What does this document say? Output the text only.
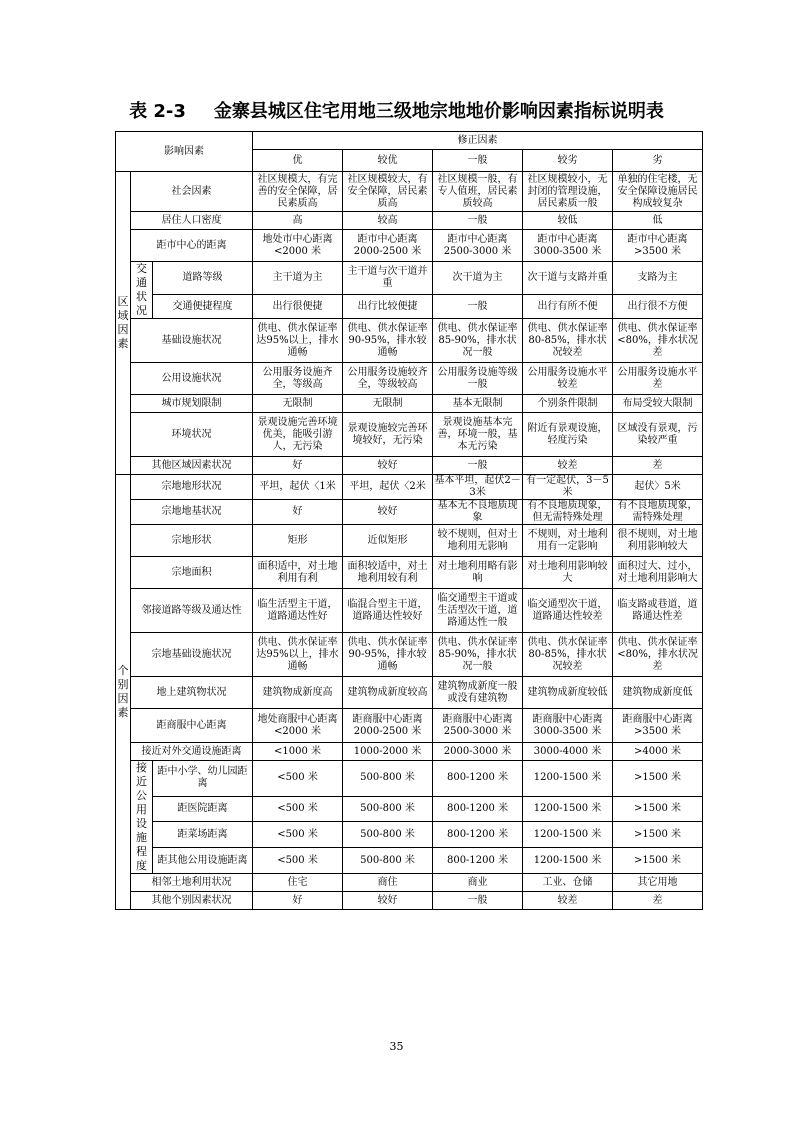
表 2-3 金寨县城区住宅用地三级地宗地地价影响因素指标说明表
影响因素			修正因素				
			优	较优	一般	较劣	劣
区域因素	社会因素		社区规模大，有完善的安全保障，居民素质高	社区规模较大，有安全保障，居民素质高	社区规模一般，有专人值班，居民素质较高	社区规模较小，无封闭的管理设施，居民素质一般	单独的住宅楼，无安全保障设施居民构成较复杂
	居住人口密度		高	较高	一般	较低	低
	距市中心的距离		地处市中心距离<2000 米	距市中心距离2000-2500 米	距市中心距离2500-3000 米	距市中心距离3000-3500 米	距市中心距离>3500 米
	交通状况	道路等级	主干道为主	主干道与次干道并重	次干道为主	次干道与支路并重	支路为主
		交通便捷程度	出行很便捷	出行比较便捷	一般	出行有所不便	出行很不方便
	基础设施状况		供电、供水保证率达95%以上，排水通畅	供电、供水保证率90-95%，排水较通畅	供电、供水保证率85-90%，排水状况一般	供电、供水保证率80-85%，排水状况较差	供电、供水保证率<80%，排水状况差
	公用设施状况		公用服务设施齐全，等级高	公用服务设施较齐全，等级较高	公用服务设施等级一般	公用服务设施水平较差	公用服务设施水平差
	城市规划限制		无限制	无限制	基本无限制	个别条件限制	布局受较大限制
	环境状况		景观设施完善环境优美，能吸引游人，无污染	景观设施较完善环境较好，无污染	景观设施基本完善，环境一般，基本无污染	附近有景观设施，轻度污染	区域没有景观，污染较严重
	其他区域因素状况		好	较好	一般	较差	差
个别因素	宗地地形状况		平坦，起伏〈1米	平坦，起伏〈2米	基本平坦，起伏2－3米	有一定起伏，3－5米	起伏〉5米
	宗地地基状况		好	较好	基本无不良地质现象	有不良地质现象，但无需特殊处理	有不良地质现象，需特殊处理
	宗地形状		矩形	近似矩形	较不规则，但对土地利用无影响	不规则，对土地利用有一定影响	很不规则，对土地利用影响较大
	宗地面积		面积适中，对土地利用有利	面积较适中，对土地利用较有利	对土地利用略有影响	对土地利用影响较大	面积过大、过小，对土地利用影响大
	邻接道路等级及通达性		临生活型主干道，道路通达性好	临混合型主干道，道路通达性较好	临交通型主干道或生活型次干道，道路通达性一般	临交通型次干道，道路通达性较差	临支路或巷道，道路通达性差
	宗地基础设施状况		供电、供水保证率达95%以上，排水通畅	供电、供水保证率90-95%，排水较通畅	供电、供水保证率85-90%，排水状况一般	供电、供水保证率80-85%，排水状况较差	供电、供水保证率<80%，排水状况差
	地上建筑物状况		建筑物成新度高	建筑物成新度较高	建筑物成新度一般或没有建筑物	建筑物成新度较低	建筑物成新度低
	距商服中心距离		地处商服中心距离<2000 米	距商服中心距离2000-2500 米	距商服中心距离2500-3000 米	距商服中心距离3000-3500 米	距商服中心距离>3500 米
	接近对外交通设施距离		<1000 米	1000-2000 米	2000-3000 米	3000-4000 米	>4000 米
	接近公用设施程度	距中小学、幼儿园距离	<500 米	500-800 米	800-1200 米	1200-1500 米	>1500 米
		距医院距离	<500 米	500-800 米	800-1200 米	1200-1500 米	>1500 米
		距菜场距离	<500 米	500-800 米	800-1200 米	1200-1500 米	>1500 米
		距其他公用设施距离	<500 米	500-800 米	800-1200 米	1200-1500 米	>1500 米
	相邻土地利用状况		住宅	商住	商业	工业、仓储	其它用地
	其他个别因素状况		好	较好	一般	较差	差
35
